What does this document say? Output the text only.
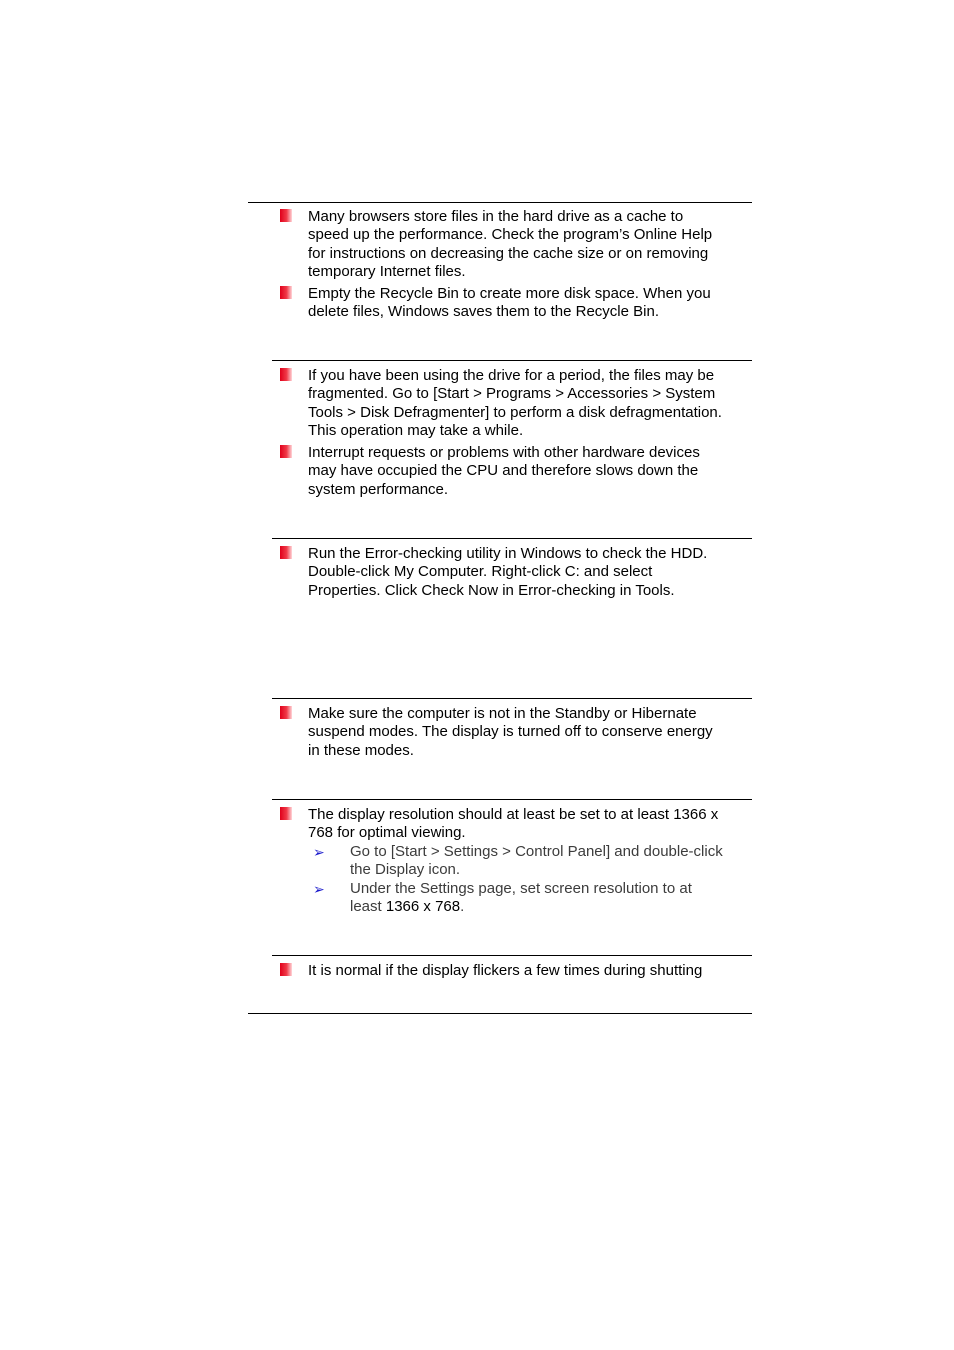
Many browsers store files in the hard drive as a cache to
speed up the performance. Check the program’s Online Help
for instructions on decreasing the cache size or on removing
temporary Internet files.
Empty the Recycle Bin to create more disk space. When you
delete files, Windows saves them to the Recycle Bin.
If you have been using the drive for a period, the files may be
fragmented. Go to [Start > Programs > Accessories > System
Tools > Disk Defragmenter] to perform a disk defragmentation.
This operation may take a while.
Interrupt requests or problems with other hardware devices
may have occupied the CPU and therefore slows down the
system performance.
Run the Error-checking utility in Windows to check the HDD.
Double-click My Computer. Right-click C: and select
Properties. Click Check Now in Error-checking in Tools.
Make sure the computer is not in the Standby or Hibernate
suspend modes. The display is turned off to conserve energy
in these modes.
The display resolution should at least be set to at least 1366 x
768 for optimal viewing.
➢ Go to [Start > Settings > Control Panel] and double-click
the Display icon.
➢ Under the Settings page, set screen resolution to at
least 1366 x 768.
It is normal if the display flickers a few times during shutting
